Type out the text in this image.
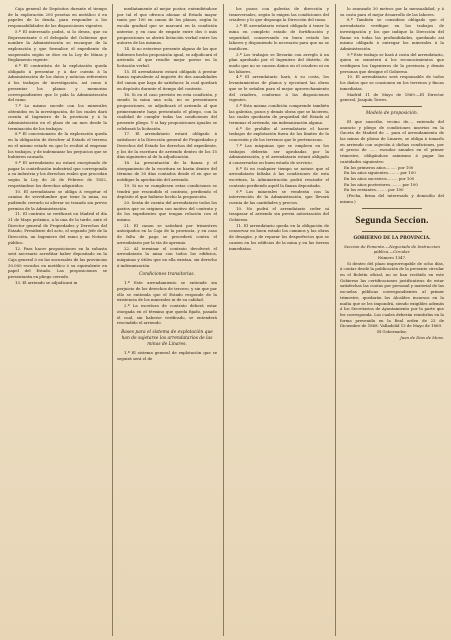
Caja general de Depósitos durante el tiempo de la exploración 200 pesetas en metálico ó en papeles de la deuda, para responder a los responsabilidades de las disposiciones vigentes.

5.ª El interesado podrá, si lo desea, que su Representante ó el delegado del Gobierno que nombre la Administración se encargue de la exploración y que formalice el expediente de suspensión según se dice en la Ley de Minas y Reglamento vigente.

6.ª El contratista de la explotación queda obligado á presentar y á dar cuenta á la Administración de los datos y noticias referentes á los trabajos de investigación, así como á presentar los planos y memorias correspondientes que le pida la Administración del ramo.

7.ª Lo mismo sucede con los minerales obtenidos en la investigación, de los cuales dará cuenta al Ingeniero de la provincia y á la Administración en el plazo de un mes desde la terminación de los trabajos.

8.ª El concesionario de la exploración queda en la obligación de devolver al Estado el terreno en el mismo estado en que lo recibió al empezar los trabajos, y de indemnizar los perjuicios que se hubieren causado.

9.ª El arrendatario no estará exceptuado de pagar la contribución industrial que corresponda a su industria y los derechos reales que procedan según la Ley de 26 de Febrero de 1852, respetándose los derechos adquiridos.

10. El arrendatario se obliga á respetar el camino de servidumbre que tiene la mina, no pudiendo cerrarlo ni alterar su trazado sin previo permiso de la Administración.

11. El contrato se verificará en Madrid el día 31 de Mayo próximo, a la una de la tarde, ante el Director general de Propiedades y Derechos del Estado, Presidente del acto, el segundo Jefe de la Dirección, un Ingeniero del ramo y un Notario público.

12. Para hacer proposiciones en la subasta será necesario acreditar haber depositado en la Caja general ó en las sucursales de las provincias 30.000 escudos en metálico ó su equivalente en papel del Estado. Las proposiciones se presentarán en pliego cerrado.

13. El arriendo se adjudicará in

mediatamente al mejor postor, entendiéndose por tal el que ofrezca abonar al Estado mayor tanto por 100 en canon de los planos, según la escala gradual que se marcará en la condición anterior, y en caso de empate entre dos ó más proposiciones se abrirá licitación verbal entre los autores de las mismas.

14. Si no estuviese presente alguno de los que hubiesen hecho proposición igual, se adjudicará el arriendo al que resulte mejor postor en la licitación verbal.

15. El arrendatario estará obligado á prestar fianza equivalente al importe de dos anualidades del canon que haya de satisfacer, la cual quedará en depósito durante el tiempo del contrato.

16. Si en el caso previsto en esta condición, y siendo la mina una sola, no se presentasen proposiciones, se adjudicará el arriendo al que primeramente haya presentado el pliego, con la cualidad de cumplir todas las condiciones del presente pliego. Y si hay proposiciones iguales se celebrará la licitación.

17. El arrendatario estará obligado á satisfacer á la Dirección general de Propiedades y Derechos del Estado los derechos del expediente, y los de la escritura de arriendo dentro de los 15 días siguientes al de la adjudicación.

18. La presentación de la fianza y el otorgamiento de la escritura se harán dentro del término de 30 días contados desde el en que se notifique la aprobación del arriendo.

19. Si no se cumpliesen estas condiciones se tendrá por rescindido el contrato, perdiendo el depósito el que hubiese hecho la proposición.

20. Serán de cuenta del arrendatario todos los gastos que se originen con motivo del contrato y de los expedientes que tengan relación con el mismo.

21. El canon se satisfará por trimestres anticipados en la Caja de la provincia, y en caso de falta de pago se procederá contra el arrendatario por la vía de apremio.

22. Al terminar el contrato devolverá el arrendatario la mina con todos los edificios, máquinas y útiles que en ella existan, sin derecho á indemnización.

Condiciones transitorias.

1.ª Este arrendamiento se entiende sin perjuicio de los derechos de tercero, y sin que por ello se entienda que el Estado responde de la existencia de los minerales ni de su calidad.

2.ª La escritura de contrato deberá estar otorgada en el término que queda fijado, pasado el cual, sin haberse verificado, se entenderá rescindido el arriendo.

Bases para el sistema de explotación que han de sujetarse los arrendatarios de las minas de Linares.

1.ª El sistema general de explotación que se seguirá será el de

los pozos con galerías de dirección y transversales, según lo exigen las condiciones del criadero y lo que disponga la Dirección del ramo.

2.ª El arrendatario estará obligado á tener la mina en completo estado de fortificación y seguridad, conservando en buen estado las labores y disponiendo lo necesario para que no se inutilicen.

3.ª Los trabajos se llevarán con arreglo á un plan aprobado por el Ingeniero del distrito, de modo que no se causen daños en el criadero ni en las labores.

4.ª El arrendatario hará, á su costa, los levantamientos de planos y ejecutará las obras que se le señalen para el mejor aprovechamiento del criadero, conforme á las disposiciones vigentes.

5.ª Esta misma condición comprende también las galerías, pozos y demás obras que se hicieren, las cuales quedarán de propiedad del Estado al terminar el arriendo, sin indemnización alguna.

6.ª Se prohíbe al arrendatario el hacer trabajos de explotación fuera de los límites de la concesión y de los terrenos que le pertenezcan.

7.ª Las máquinas que se empleen en los trabajos deberán ser aprobadas por la Administración, y el arrendatario estará obligado á conservarlas en buen estado de servicio.

8.ª Si en cualquier tiempo se notase que el arrendatario faltaba á las condiciones de esta escritura, la Administración podrá rescindir el contrato perdiendo aquél la fianza depositada.

9.ª Los minerales se venderán con la intervención de la Administración, que llevará cuenta de las cantidades y precios.

10. No podrá el arrendatario ceder ni traspasar el arriendo sin previa autorización del Gobierno.

11. El arrendatario queda en la obligación de conservar en buen estado los caminos y las obras de desagüe, y de reparar los desperfectos que se causen en los edificios de la mina y en las tierras inmediatas.

lo avanzado 30 metros por la mensualidad, y á su costa para el mejor desarrollo de las labores.

8.ª También se considera obligado que el arrendatario verifique en los trabajos de investigación y los que indique la Dirección del Ramo en todas las profundidades, quedando así mismo obligado á entregar los minerales á la Administración.

9.ª Este trabajo se hará á costa del arrendatario, quien se someterá á los reconocimientos que verifiquen los Ingenieros de la provincia y demás personas que designe el Gobierno.

10. El arrendatario será responsable de todos los daños que se ocasionen en los terrenos y fincas inmediatas.

Madrid 11 de Mayo de 1869.—El Director general, Joaquín Torres.

Modelo de proposición.

El que suscribe, vecino de..., enterado del anuncio y pliego de condiciones insertos en la Gaceta de Madrid de ... para el arrendamiento de las minas de plomo de Linares, se obliga á tomarlo en arriendo con sujeción á dichas condiciones, por el precio de ...... escudos anuales en el primer trimestre, obligándose asimismo á pagar las cantidades siguientes:

En los primeros años......... por 100

En los años siguientes......... por 100

En los años sucesivos......... por 100

En los años posteriores......... por 100

En los restantes......... por 100

(Fecha, firma del interesado y domicilio del mismo.)

Segunda Seccion.
GOBIERNO DE LA PROVINCIA.

Seccion de Fomento.—Negociado de Instruccion pública.—Circular.

Número 1347.

Si dentro del plazo improrrogable de ocho días, á contar desde la publicación de la presente circular en el Boletín oficial, no se han recibido en este Gobierno las certificaciones justificativas de estar satisfechas las cuotas por personal y material de las escuelas públicas correspondientes al primer trimestre, quedarán los Alcaldes incursos en la multa que se les impondrá, siendo exigibles además á los Secretarios de Ayuntamiento por la parte que les corresponda. Los cuales deberán remitirlas en la forma prevenida en la Real orden de 23 de Diciembre de 1868. Valladolid 13 de Mayo de 1869.

El Gobernador,

Juan de Dios de Mora.
